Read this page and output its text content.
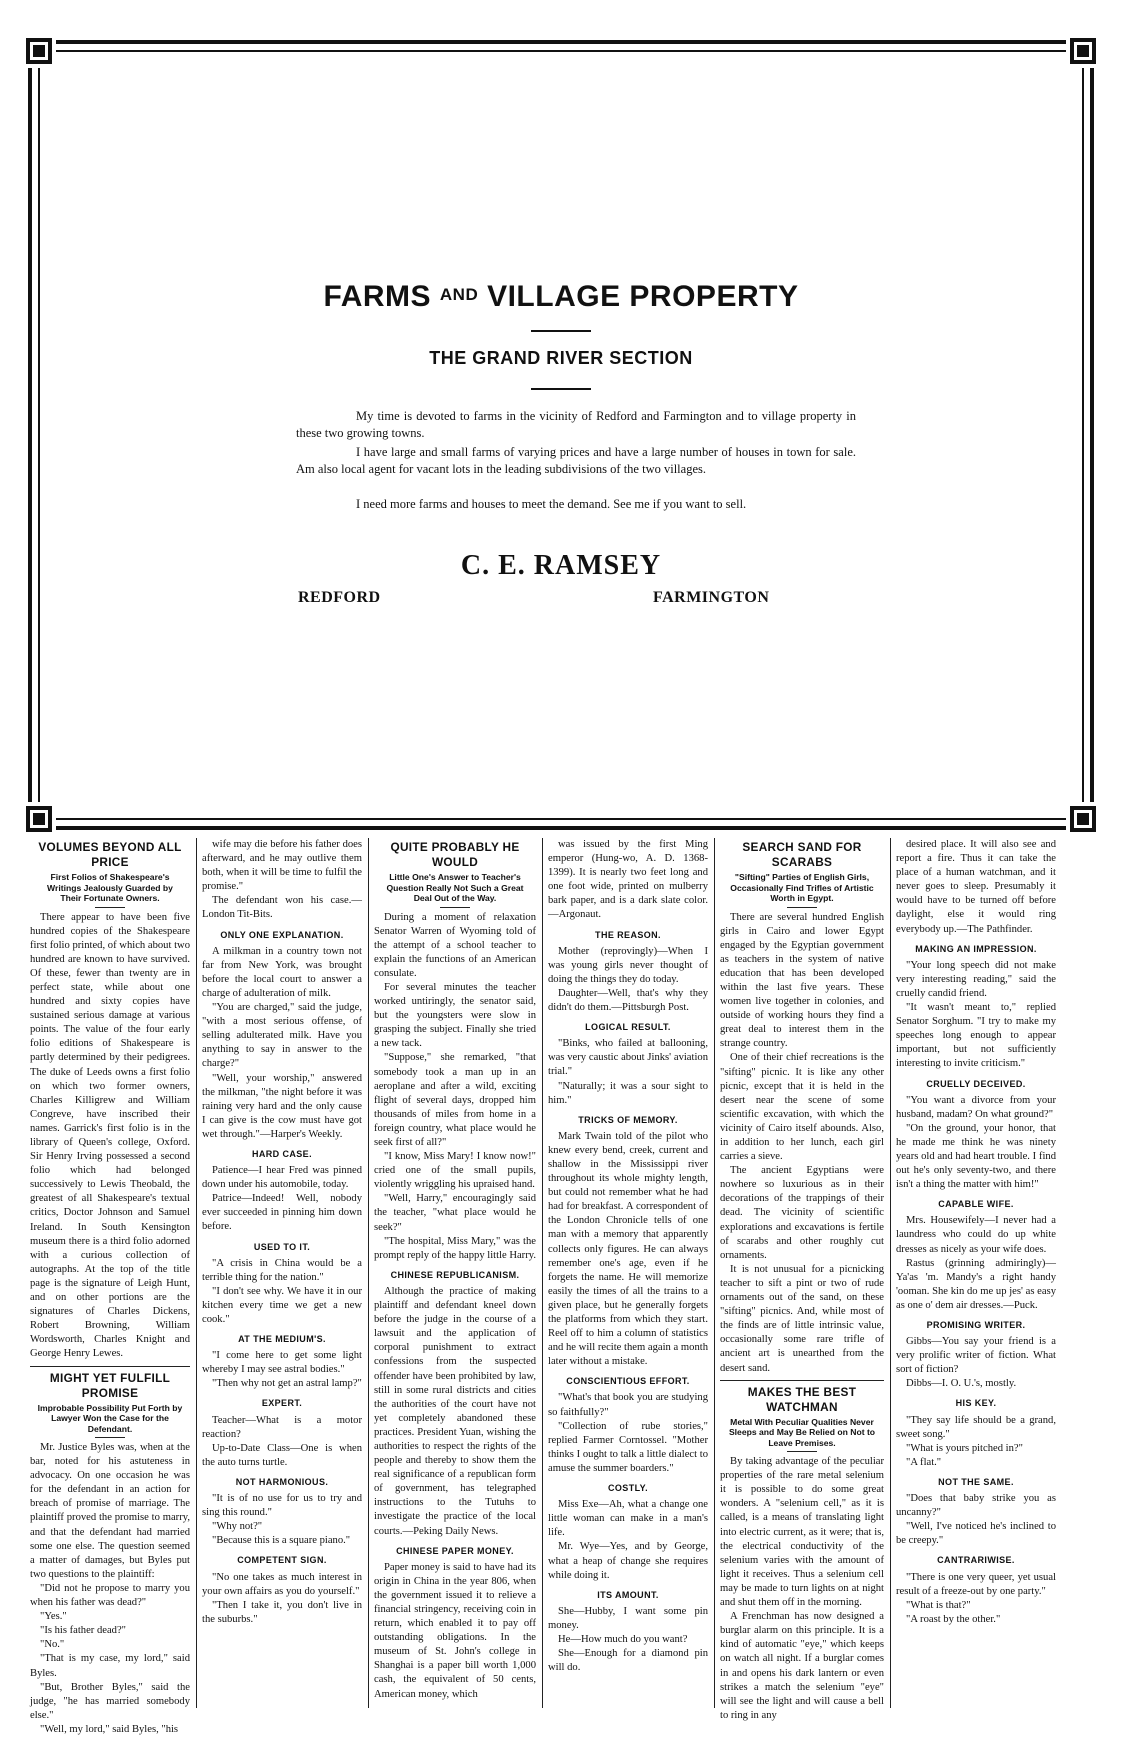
FARMS $^{AND}$ VILLAGE PROPERTY
THE GRAND RIVER SECTION
My time is devoted to farms in the vicinity of Redford and Farmington and to village property in these two growing towns.
I have large and small farms of varying prices and have a large number of houses in town for sale. Am also local agent for vacant lots in the leading subdivisions of the two villages.
I need more farms and houses to meet the demand. See me if you want to sell.
C. E. RAMSEY
REDFORD	FARMINGTON
VOLUMES BEYOND ALL PRICE
First Folios of Shakespeare's Writings Jealously Guarded by Their Fortunate Owners.

There appear to have been five hundred copies of the Shakespeare first folio printed, of which about two hundred are known to have survived. Of these, fewer than twenty are in perfect state, while about one hundred and sixty copies have sustained serious damage at various points. The value of the four early folio editions of Shakespeare is partly determined by their pedigrees. The duke of Leeds owns a first folio on which two former owners, Charles Killigrew and William Congreve, have inscribed their names. Garrick's first folio is in the library of Queen's college, Oxford. Sir Henry Irving possessed a second folio which had belonged successively to Lewis Theobald, the greatest of all Shakespeare's textual critics, Doctor Johnson and Samuel Ireland. In South Kensington museum there is a third folio adorned with a curious collection of autographs. At the top of the title page is the signature of Leigh Hunt, and on other portions are the signatures of Charles Dickens, Robert Browning, William Wordsworth, Charles Knight and George Henry Lewes.

MIGHT YET FULFILL PROMISE
Improbable Possibility Put Forth by Lawyer Won the Case for the Defendant.

Mr. Justice Byles was, when at the bar, noted for his astuteness in advocacy. On one occasion he was for the defendant in an action for breach of promise of marriage. The plaintiff proved the promise to marry, and that the defendant had married some one else. The question seemed a matter of damages, but Byles put two questions to the plaintiff:

"Did not he propose to marry you when his father was dead?"

"Yes."

"Is his father dead?"

"No."

"That is my case, my lord," said Byles.

"But, Brother Byles," said the judge, "he has married somebody else."

"Well, my lord," said Byles, "his

wife may die before his father does afterward, and he may outlive them both, when it will be time to fulfil the promise."

The defendant won his case.—London Tit-Bits.

ONLY ONE EXPLANATION.

A milkman in a country town not far from New York, was brought before the local court to answer a charge of adulteration of milk.

"You are charged," said the judge, "with a most serious offense, of selling adulterated milk. Have you anything to say in answer to the charge?"

"Well, your worship," answered the milkman, "the night before it was raining very hard and the only cause I can give is the cow must have got wet through."—Harper's Weekly.

HARD CASE.

Patience—I hear Fred was pinned down under his automobile, today.

Patrice—Indeed! Well, nobody ever succeeded in pinning him down before.

USED TO IT.

"A crisis in China would be a terrible thing for the nation."

"I don't see why. We have it in our kitchen every time we get a new cook."

AT THE MEDIUM'S.

"I come here to get some light whereby I may see astral bodies."

"Then why not get an astral lamp?"

EXPERT.

Teacher—What is a motor reaction?

Up-to-Date Class—One is when the auto turns turtle.

NOT HARMONIOUS.

"It is of no use for us to try and sing this round."

"Why not?"

"Because this is a square piano."

COMPETENT SIGN.

"No one takes as much interest in your own affairs as you do yourself."

"Then I take it, you don't live in the suburbs."

QUITE PROBABLY HE WOULD
Little One's Answer to Teacher's Question Really Not Such a Great Deal Out of the Way.

During a moment of relaxation Senator Warren of Wyoming told of the attempt of a school teacher to explain the functions of an American consulate.

For several minutes the teacher worked untiringly, the senator said, but the youngsters were slow in grasping the subject. Finally she tried a new tack.

"Suppose," she remarked, "that somebody took a man up in an aeroplane and after a wild, exciting flight of several days, dropped him thousands of miles from home in a foreign country, what place would he seek first of all?"

"I know, Miss Mary! I know now!" cried one of the small pupils, violently wriggling his upraised hand.

"Well, Harry," encouragingly said the teacher, "what place would he seek?"

"The hospital, Miss Mary," was the prompt reply of the happy little Harry.

CHINESE REPUBLICANISM.

Although the practice of making plaintiff and defendant kneel down before the judge in the course of a lawsuit and the application of corporal punishment to extract confessions from the suspected offender have been prohibited by law, still in some rural districts and cities the authorities of the court have not yet completely abandoned these practices. President Yuan, wishing the authorities to respect the rights of the people and thereby to show them the real significance of a republican form of government, has telegraphed instructions to the Tutuhs to investigate the practice of the local courts.—Peking Daily News.

CHINESE PAPER MONEY.

Paper money is said to have had its origin in China in the year 806, when the government issued it to relieve a financial stringency, receiving coin in return, which enabled it to pay off outstanding obligations. In the museum of St. John's college in Shanghai is a paper bill worth 1,000 cash, the equivalent of 50 cents, American money, which

was issued by the first Ming emperor (Hung-wo, A. D. 1368-1399). It is nearly two feet long and one foot wide, printed on mulberry bark paper, and is a dark slate color.—Argonaut.

THE REASON.

Mother (reprovingly)—When I was young girls never thought of doing the things they do today.

Daughter—Well, that's why they didn't do them.—Pittsburgh Post.

LOGICAL RESULT.

"Binks, who failed at ballooning, was very caustic about Jinks' aviation trial."

"Naturally; it was a sour sight to him."

TRICKS OF MEMORY.

Mark Twain told of the pilot who knew every bend, creek, current and shallow in the Mississippi river throughout its whole mighty length, but could not remember what he had had for breakfast. A correspondent of the London Chronicle tells of one man with a memory that apparently collects only figures. He can always remember one's age, even if he forgets the name. He will memorize easily the times of all the trains to a given place, but he generally forgets the platforms from which they start. Reel off to him a column of statistics and he will recite them again a month later without a mistake.

CONSCIENTIOUS EFFORT.

"What's that book you are studying so faithfully?"

"Collection of rube stories," replied Farmer Corntossel. "Mother thinks I ought to talk a little dialect to amuse the summer boarders."

COSTLY.

Miss Exe—Ah, what a change one little woman can make in a man's life.

Mr. Wye—Yes, and by George, what a heap of change she requires while doing it.

ITS AMOUNT.

She—Hubby, I want some pin money.

He—How much do you want?

She—Enough for a diamond pin will do.

SEARCH SAND FOR SCARABS
"Sifting" Parties of English Girls, Occasionally Find Trifles of Artistic Worth in Egypt.

There are several hundred English girls in Cairo and lower Egypt engaged by the Egyptian government as teachers in the system of native education that has been developed within the last five years. These women live together in colonies, and outside of working hours they find a great deal to interest them in the strange country.

One of their chief recreations is the "sifting" picnic. It is like any other picnic, except that it is held in the desert near the scene of some scientific excavation, with which the vicinity of Cairo itself abounds. Also, in addition to her lunch, each girl carries a sieve.

The ancient Egyptians were nowhere so luxurious as in their decorations of the trappings of their dead. The vicinity of scientific explorations and excavations is fertile of scarabs and other roughly cut ornaments.

It is not unusual for a picnicking teacher to sift a pint or two of rude ornaments out of the sand, on these "sifting" picnics. And, while most of the finds are of little intrinsic value, occasionally some rare trifle of ancient art is unearthed from the desert sand.

MAKES THE BEST WATCHMAN
Metal With Peculiar Qualities Never Sleeps and May Be Relied on Not to Leave Premises.

By taking advantage of the peculiar properties of the rare metal selenium it is possible to do some great wonders. A "selenium cell," as it is called, is a means of translating light into electric current, as it were; that is, the electrical conductivity of the selenium varies with the amount of light it receives. Thus a selenium cell may be made to turn lights on at night and shut them off in the morning.

A Frenchman has now designed a burglar alarm on this principle. It is a kind of automatic "eye," which keeps on watch all night. If a burglar comes in and opens his dark lantern or even strikes a match the selenium "eye" will see the light and will cause a bell to ring in any

desired place. It will also see and report a fire. Thus it can take the place of a human watchman, and it never goes to sleep. Presumably it would have to be turned off before daylight, else it would ring everybody up.—The Pathfinder.

MAKING AN IMPRESSION.

"Your long speech did not make very interesting reading," said the cruelly candid friend.

"It wasn't meant to," replied Senator Sorghum. "I try to make my speeches long enough to appear important, but not sufficiently interesting to invite criticism."

CRUELLY DECEIVED.

"You want a divorce from your husband, madam? On what ground?"

"On the ground, your honor, that he made me think he was ninety years old and had heart trouble. I find out he's only seventy-two, and there isn't a thing the matter with him!"

CAPABLE WIFE.

Mrs. Housewifely—I never had a laundress who could do up white dresses as nicely as your wife does.

Rastus (grinning admiringly)—Ya'as 'm. Mandy's a right handy 'ooman. She kin do me up jes' as easy as one o' dem air dresses.—Puck.

PROMISING WRITER.

Gibbs—You say your friend is a very prolific writer of fiction. What sort of fiction?

Dibbs—I. O. U.'s, mostly.

HIS KEY.

"They say life should be a grand, sweet song."

"What is yours pitched in?"

"A flat."

NOT THE SAME.

"Does that baby strike you as uncanny?"

"Well, I've noticed he's inclined to be creepy."

CANTRARIWISE.

"There is one very queer, yet usual result of a freeze-out by one party."

"What is that?"

"A roast by the other."
